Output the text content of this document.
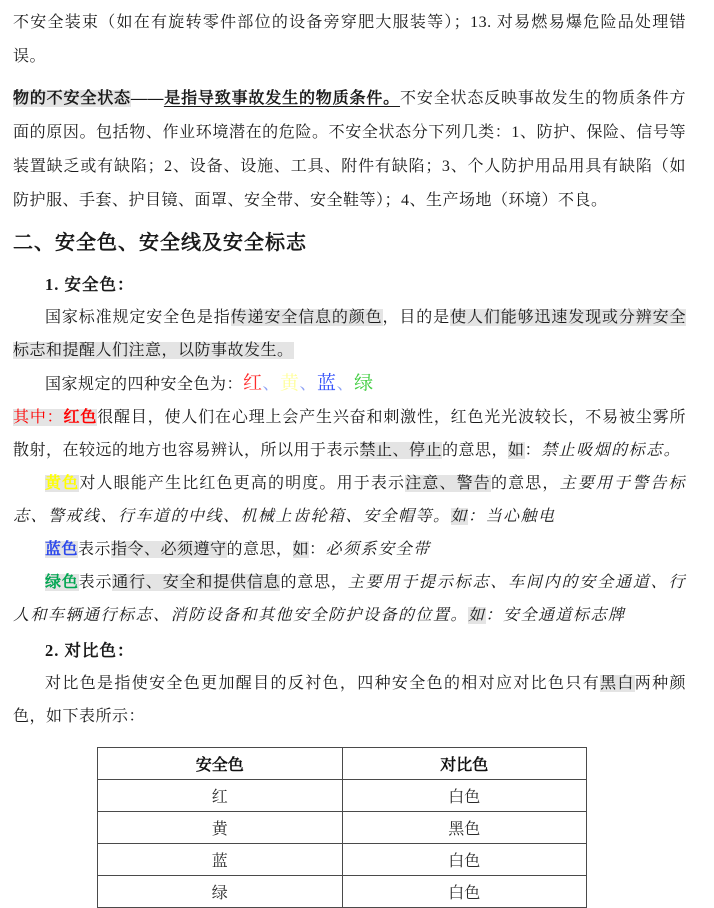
不安全装束（如在有旋转零件部位的设备旁穿肥大服装等）；13. 对易燃易爆危险品处理错误。

物的不安全状态——是指导致事故发生的物质条件。不安全状态反映事故发生的物质条件方面的原因。包括物、作业环境潜在的危险。不安全状态分下列几类：1、防护、保险、信号等装置缺乏或有缺陷；2、设备、设施、工具、附件有缺陷；3、个人防护用品用具有缺陷（如防护服、手套、护目镜、面罩、安全带、安全鞋等）；4、生产场地（环境）不良。

二、安全色、安全线及安全标志

1. 安全色：

国家标准规定安全色是指传递安全信息的颜色，目的是使人们能够迅速发现或分辨安全标志和提醒人们注意，以防事故发生。

国家规定的四种安全色为：红、黄、蓝、绿

其中：红色很醒目，使人们在心理上会产生兴奋和刺激性，红色光光波较长，不易被尘雾所散射，在较远的地方也容易辨认，所以用于表示禁止、停止的意思，如：禁止吸烟的标志。

黄色对人眼能产生比红色更高的明度。用于表示注意、警告的意思，主要用于警告标志、警戒线、行车道的中线、机械上齿轮箱、安全帽等。如：当心触电

蓝色表示指令、必须遵守的意思，如：必须系安全带

绿色表示通行、安全和提供信息的意思，主要用于提示标志、车间内的安全通道、行人和车辆通行标志、消防设备和其他安全防护设备的位置。如：安全通道标志牌

2. 对比色：

对比色是指使安全色更加醒目的反衬色，四种安全色的相对应对比色只有黑白两种颜色，如下表所示：

安全色	对比色
红	白色
黄	黑色
蓝	白色
绿	白色
